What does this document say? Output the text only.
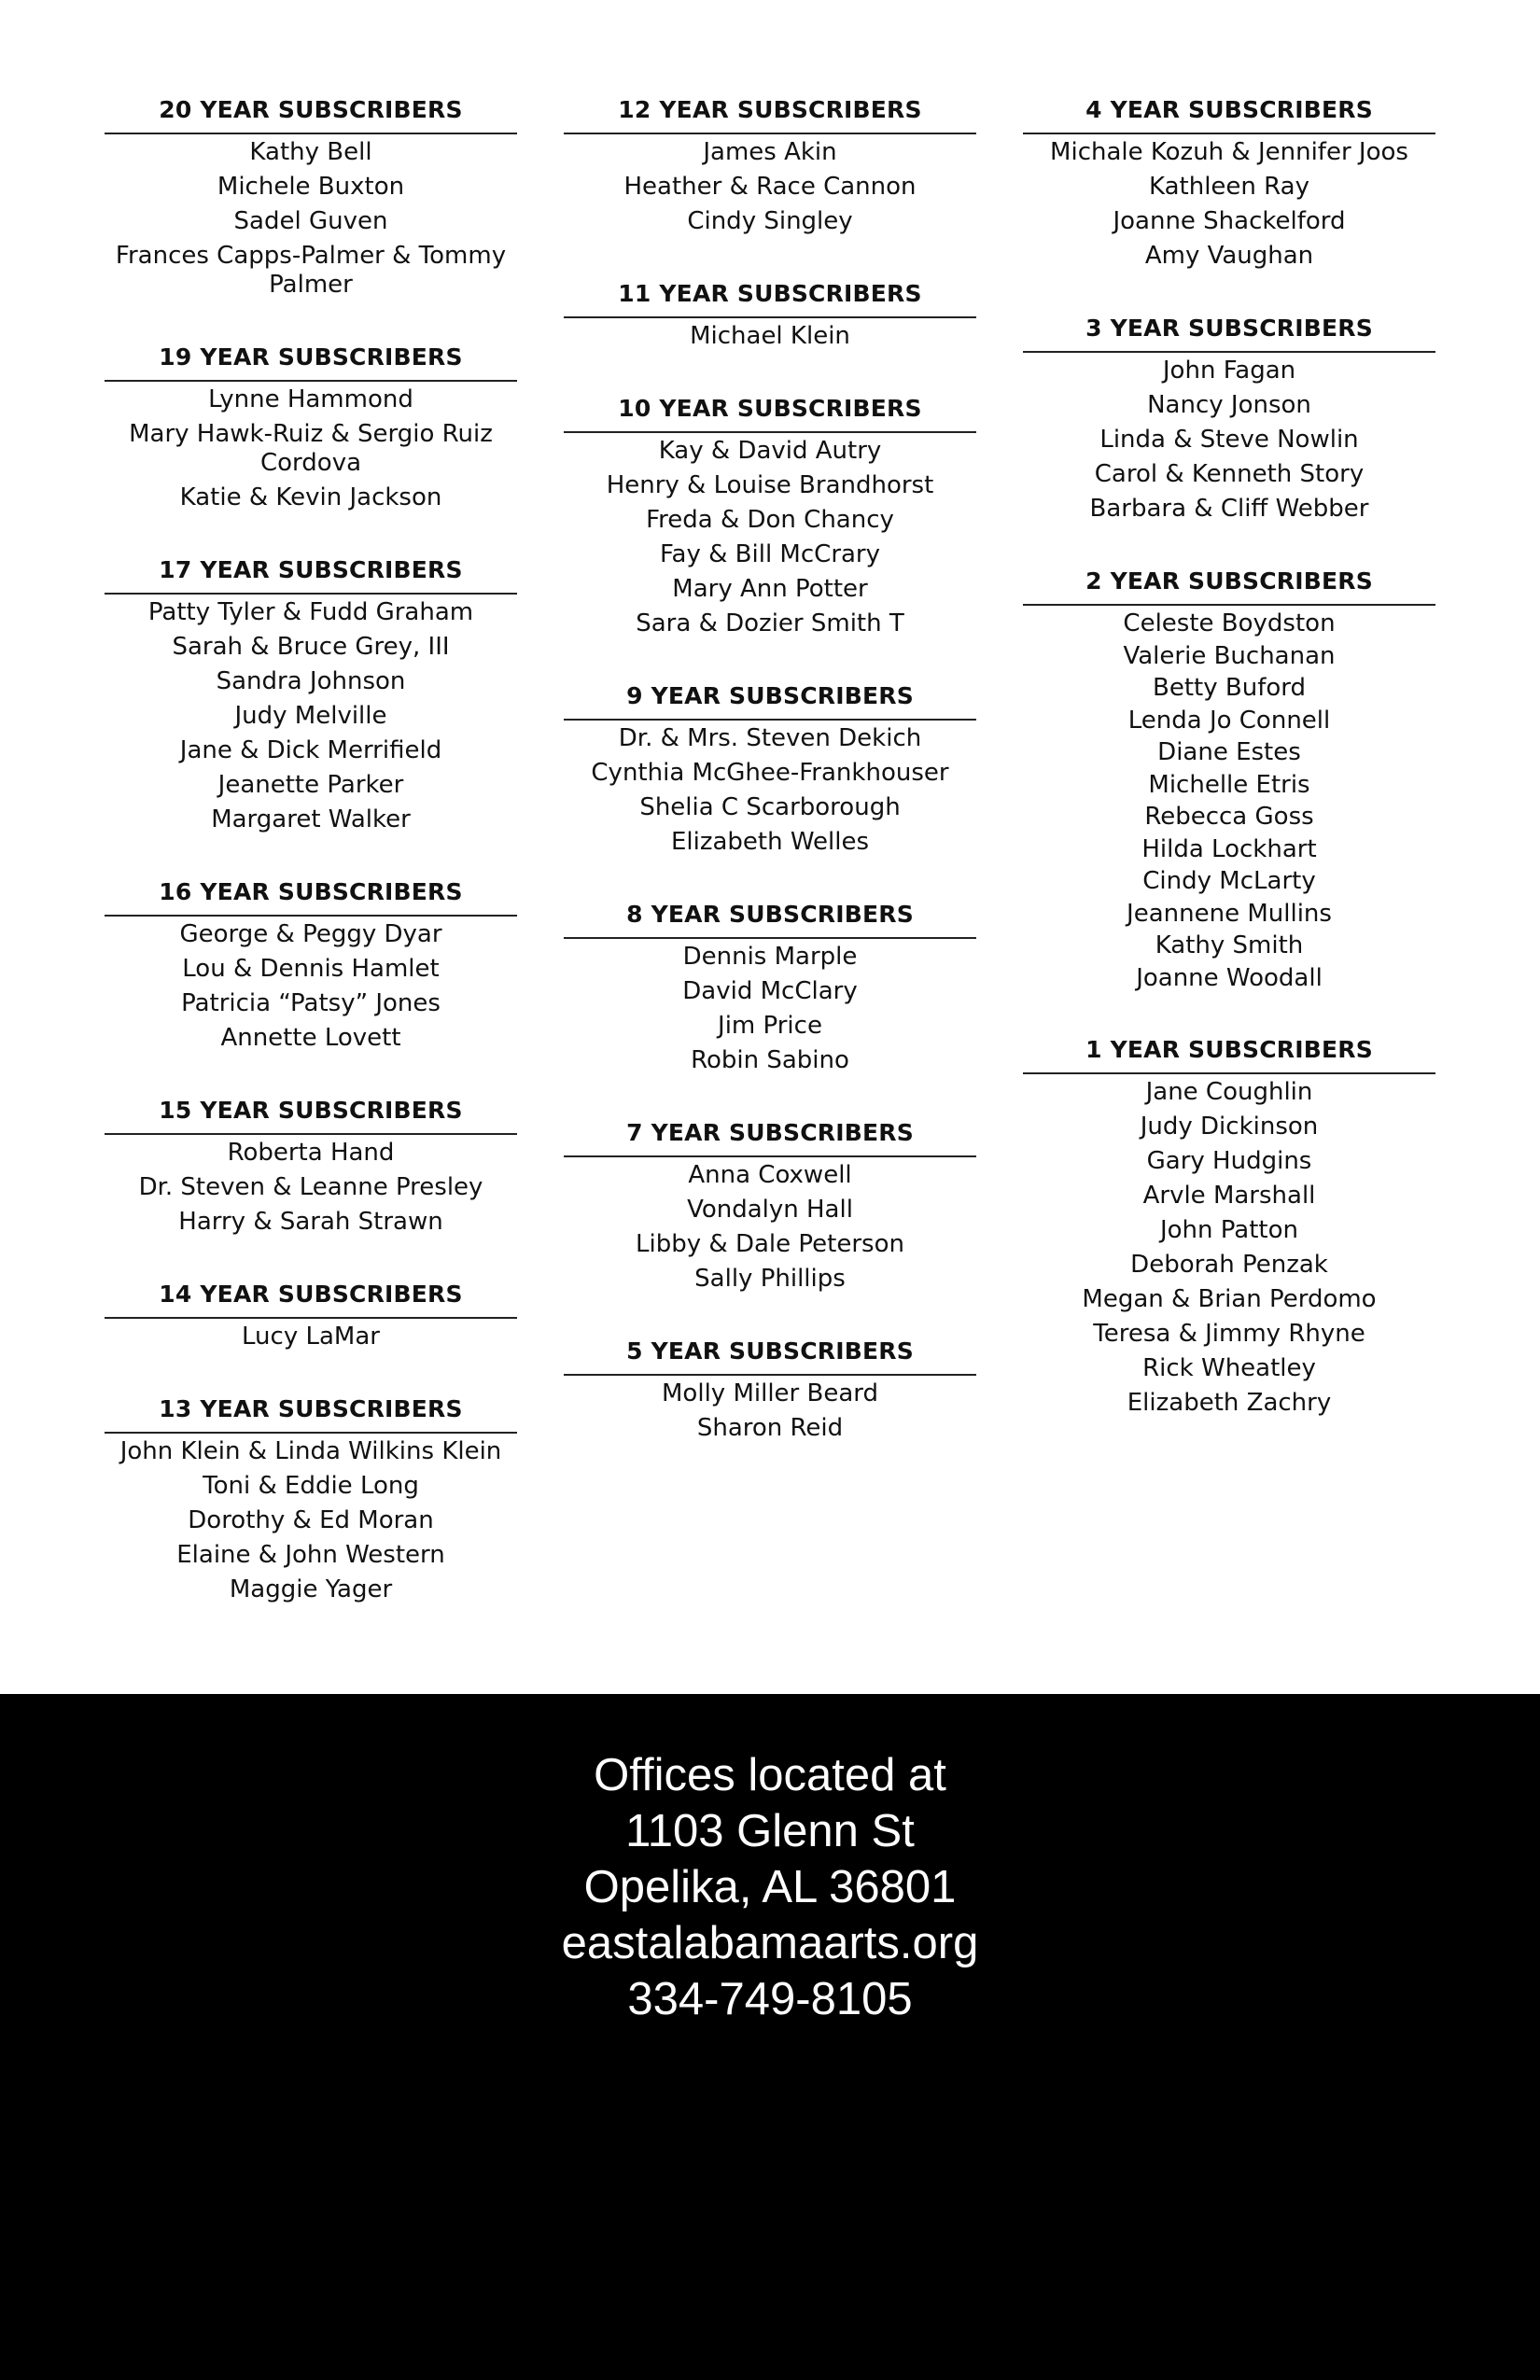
20 YEAR SUBSCRIBERS
Kathy Bell
Michele Buxton
Sadel Guven
Frances Capps-Palmer & Tommy Palmer
19 YEAR SUBSCRIBERS
Lynne Hammond
Mary Hawk-Ruiz & Sergio Ruiz Cordova
Katie & Kevin Jackson
17 YEAR SUBSCRIBERS
Patty Tyler & Fudd Graham
Sarah & Bruce Grey, III
Sandra Johnson
Judy Melville
Jane & Dick Merrifield
Jeanette Parker
Margaret Walker
16 YEAR SUBSCRIBERS
George & Peggy Dyar
Lou & Dennis Hamlet
Patricia “Patsy” Jones
Annette Lovett
15 YEAR SUBSCRIBERS
Roberta Hand
Dr. Steven & Leanne Presley
Harry & Sarah Strawn
14 YEAR SUBSCRIBERS
Lucy LaMar
13 YEAR SUBSCRIBERS
John Klein & Linda Wilkins Klein
Toni & Eddie Long
Dorothy & Ed Moran
Elaine & John Western
Maggie Yager
12 YEAR SUBSCRIBERS
James Akin
Heather & Race Cannon
Cindy Singley
11 YEAR SUBSCRIBERS
Michael Klein
10 YEAR SUBSCRIBERS
Kay & David Autry
Henry & Louise Brandhorst
Freda & Don Chancy
Fay & Bill McCrary
Mary Ann Potter
Sara & Dozier Smith T
9 YEAR SUBSCRIBERS
Dr. & Mrs. Steven Dekich
Cynthia McGhee-Frankhouser
Shelia C Scarborough
Elizabeth Welles
8 YEAR SUBSCRIBERS
Dennis Marple
David McClary
Jim Price
Robin Sabino
7 YEAR SUBSCRIBERS
Anna Coxwell
Vondalyn Hall
Libby & Dale Peterson
Sally Phillips
5 YEAR SUBSCRIBERS
Molly Miller Beard
Sharon Reid
4 YEAR SUBSCRIBERS
Michale Kozuh & Jennifer Joos
Kathleen Ray
Joanne Shackelford
Amy Vaughan
3 YEAR SUBSCRIBERS
John Fagan
Nancy Jonson
Linda & Steve Nowlin
Carol & Kenneth Story
Barbara & Cliff Webber
2 YEAR SUBSCRIBERS
Celeste Boydston
Valerie Buchanan
Betty Buford
Lenda Jo Connell
Diane Estes
Michelle Etris
Rebecca Goss
Hilda Lockhart
Cindy McLarty
Jeannene Mullins
Kathy Smith
Joanne Woodall
1 YEAR SUBSCRIBERS
Jane Coughlin
Judy Dickinson
Gary Hudgins
Arvle Marshall
John Patton
Deborah Penzak
Megan & Brian Perdomo
Teresa & Jimmy Rhyne
Rick Wheatley
Elizabeth Zachry
Offices located at
1103 Glenn St
Opelika, AL 36801
eastalabamaarts.org
334-749-8105
